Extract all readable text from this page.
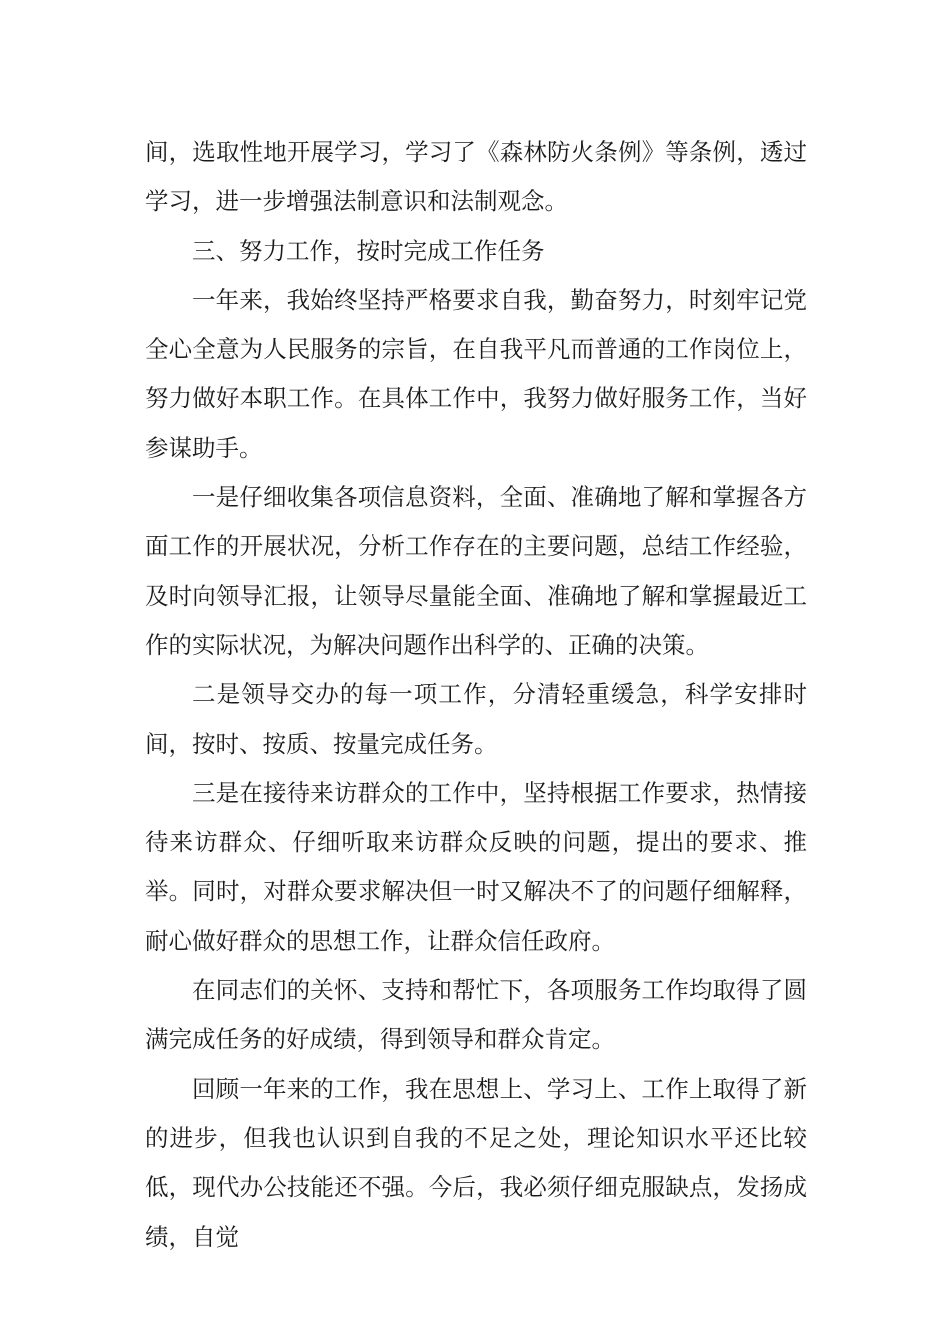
间，选取性地开展学习，学习了《森林防火条例》等条例，透过学习，进一步增强法制意识和法制观念。

三、努力工作，按时完成工作任务

一年来，我始终坚持严格要求自我，勤奋努力，时刻牢记党全心全意为人民服务的宗旨，在自我平凡而普通的工作岗位上，努力做好本职工作。在具体工作中，我努力做好服务工作，当好参谋助手。

一是仔细收集各项信息资料，全面、准确地了解和掌握各方面工作的开展状况，分析工作存在的主要问题，总结工作经验，及时向领导汇报，让领导尽量能全面、准确地了解和掌握最近工作的实际状况，为解决问题作出科学的、正确的决策。

二是领导交办的每一项工作，分清轻重缓急，科学安排时间，按时、按质、按量完成任务。

三是在接待来访群众的工作中，坚持根据工作要求，热情接待来访群众、仔细听取来访群众反映的问题，提出的要求、推举。同时，对群众要求解决但一时又解决不了的问题仔细解释，耐心做好群众的思想工作，让群众信任政府。

在同志们的关怀、支持和帮忙下，各项服务工作均取得了圆满完成任务的好成绩，得到领导和群众肯定。

回顾一年来的工作，我在思想上、学习上、工作上取得了新的进步，但我也认识到自我的不足之处，理论知识水平还比较低，现代办公技能还不强。今后，我必须仔细克服缺点，发扬成绩，自觉
